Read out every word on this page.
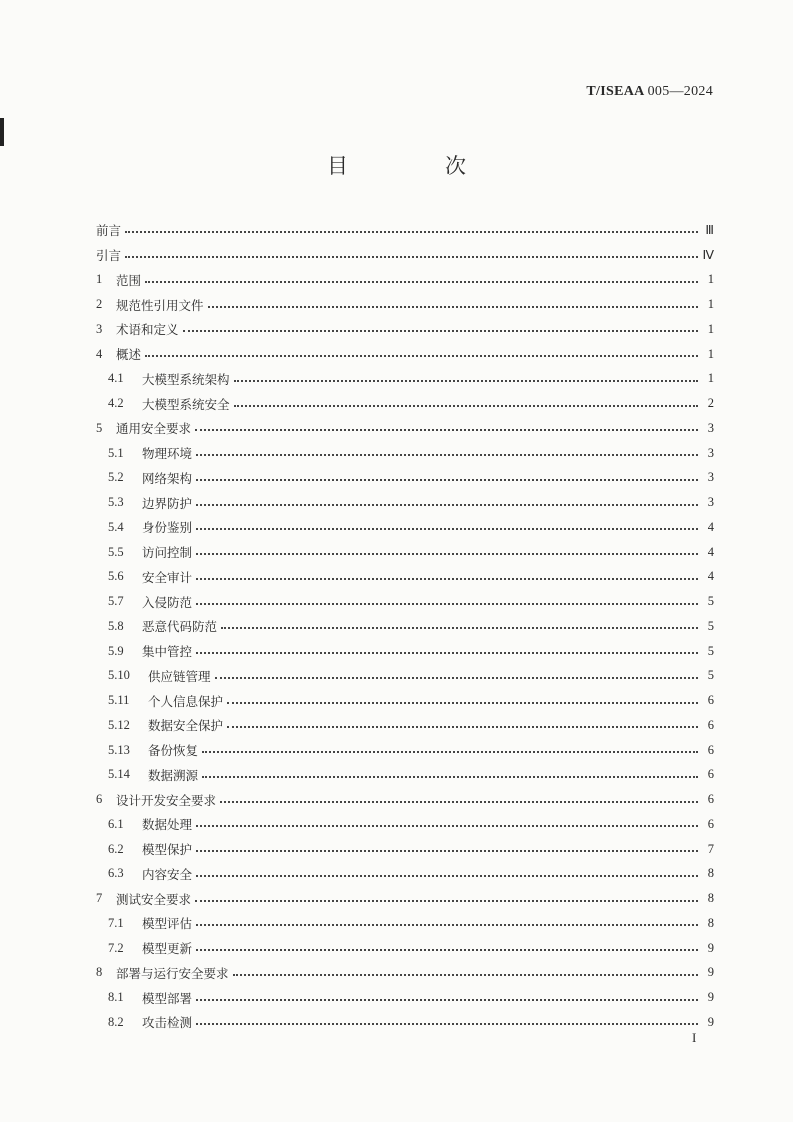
T/ISEAA 005—2024
目　次
前言	Ⅲ
引言	Ⅳ
1	范围	1
2	规范性引用文件	1
3	术语和定义	1
4	概述	1
4.1	大模型系统架构	1
4.2	大模型系统安全	2
5	通用安全要求	3
5.1	物理环境	3
5.2	网络架构	3
5.3	边界防护	3
5.4	身份鉴别	4
5.5	访问控制	4
5.6	安全审计	4
5.7	入侵防范	5
5.8	恶意代码防范	5
5.9	集中管控	5
5.10	供应链管理	5
5.11	个人信息保护	6
5.12	数据安全保护	6
5.13	备份恢复	6
5.14	数据溯源	6
6	设计开发安全要求	6
6.1	数据处理	6
6.2	模型保护	7
6.3	内容安全	8
7	测试安全要求	8
7.1	模型评估	8
7.2	模型更新	9
8	部署与运行安全要求	9
8.1	模型部署	9
8.2	攻击检测	9
I
